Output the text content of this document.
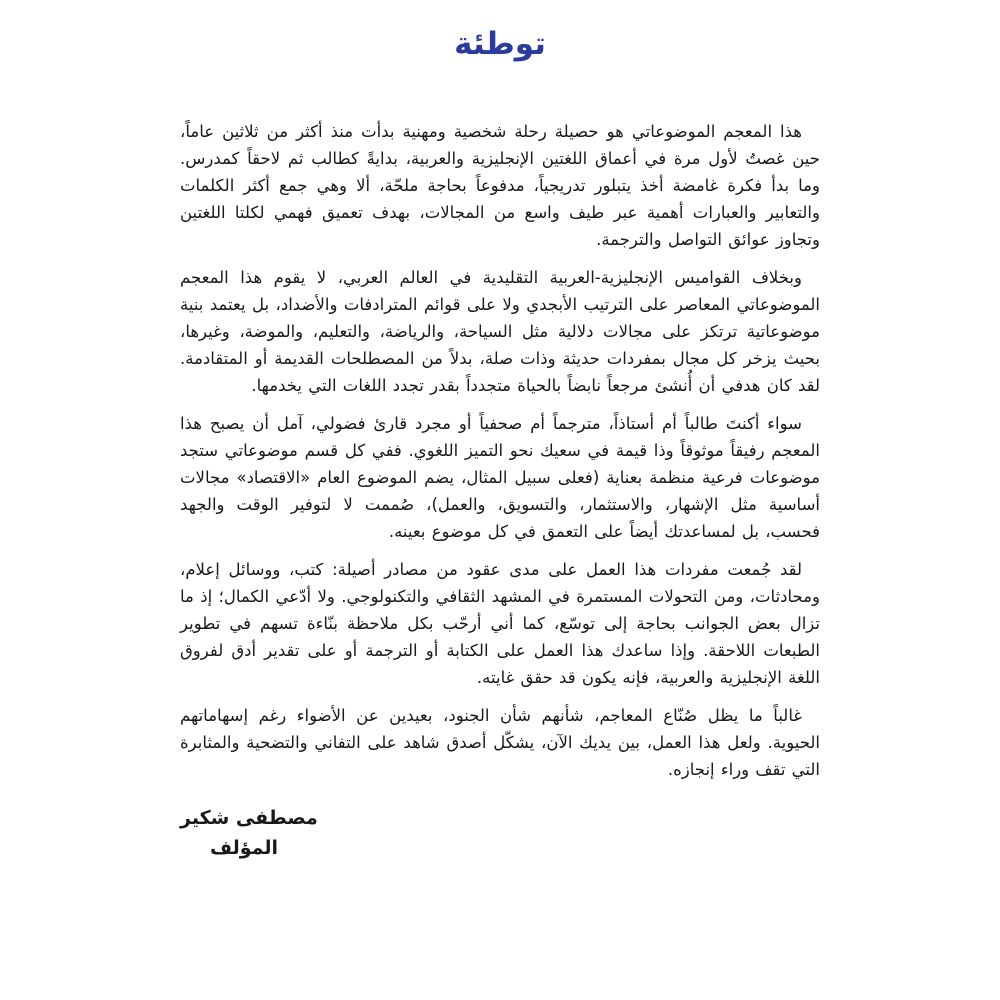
توطئة

هذا المعجم الموضوعاتي هو حصيلة رحلة شخصية ومهنية بدأت منذ أكثر من ثلاثين عاماً، حين غصتُ لأول مرة في أعماق اللغتين الإنجليزية والعربية، بدايةً كطالب ثم لاحقاً كمدرس. وما بدأ فكرة غامضة أخذ يتبلور تدريجياً، مدفوعاً بحاجة ملحّة، ألا وهي جمع أكثر الكلمات والتعابير والعبارات أهمية عبر طيف واسع من المجالات، بهدف تعميق فهمي لكلتا اللغتين وتجاوز عوائق التواصل والترجمة.

وبخلاف القواميس الإنجليزية-العربية التقليدية في العالم العربي، لا يقوم هذا المعجم الموضوعاتي المعاصر على الترتيب الأبجدي ولا على قوائم المترادفات والأضداد، بل يعتمد بنية موضوعاتية ترتكز على مجالات دلالية مثل السياحة، والرياضة، والتعليم، والموضة، وغيرها، بحيث يزخر كل مجال بمفردات حديثة وذات صلة، بدلاً من المصطلحات القديمة أو المتقادمة. لقد كان هدفي أن أُنشئ مرجعاً نابضاً بالحياة متجدداً بقدر تجدد اللغات التي يخدمها.

سواء أكنتَ طالباً أم أستاذاً، مترجماً أم صحفياً أو مجرد قارئ فضولي، آمل أن يصبح هذا المعجم رفيقاً موثوقاً وذا قيمة في سعيك نحو التميز اللغوي. ففي كل قسم موضوعاتي ستجد موضوعات فرعية منظمة بعناية (فعلى سبيل المثال، يضم الموضوع العام «الاقتصاد» مجالات أساسية مثل الإشهار، والاستثمار، والتسويق، والعمل)، صُممت لا لتوفير الوقت والجهد فحسب، بل لمساعدتك أيضاً على التعمق في كل موضوع بعينه.

لقد جُمعت مفردات هذا العمل على مدى عقود من مصادر أصيلة: كتب، ووسائل إعلام، ومحادثات، ومن التحولات المستمرة في المشهد الثقافي والتكنولوجي. ولا أدّعي الكمال؛ إذ ما تزال بعض الجوانب بحاجة إلى توسّع، كما أني أرحّب بكل ملاحظة بنّاءة تسهم في تطوير الطبعات اللاحقة. وإذا ساعدك هذا العمل على الكتابة أو الترجمة أو على تقدير أدق لفروق اللغة الإنجليزية والعربية، فإنه يكون قد حقق غايته.

غالباً ما يظل صُنّاع المعاجم، شأنهم شأن الجنود، بعيدين عن الأضواء رغم إسهاماتهم الحيوية. ولعل هذا العمل، بين يديك الآن، يشكّل أصدق شاهد على التفاني والتضحية والمثابرة التي تقف وراء إنجازه.

مصطفى شكير
المؤلف
